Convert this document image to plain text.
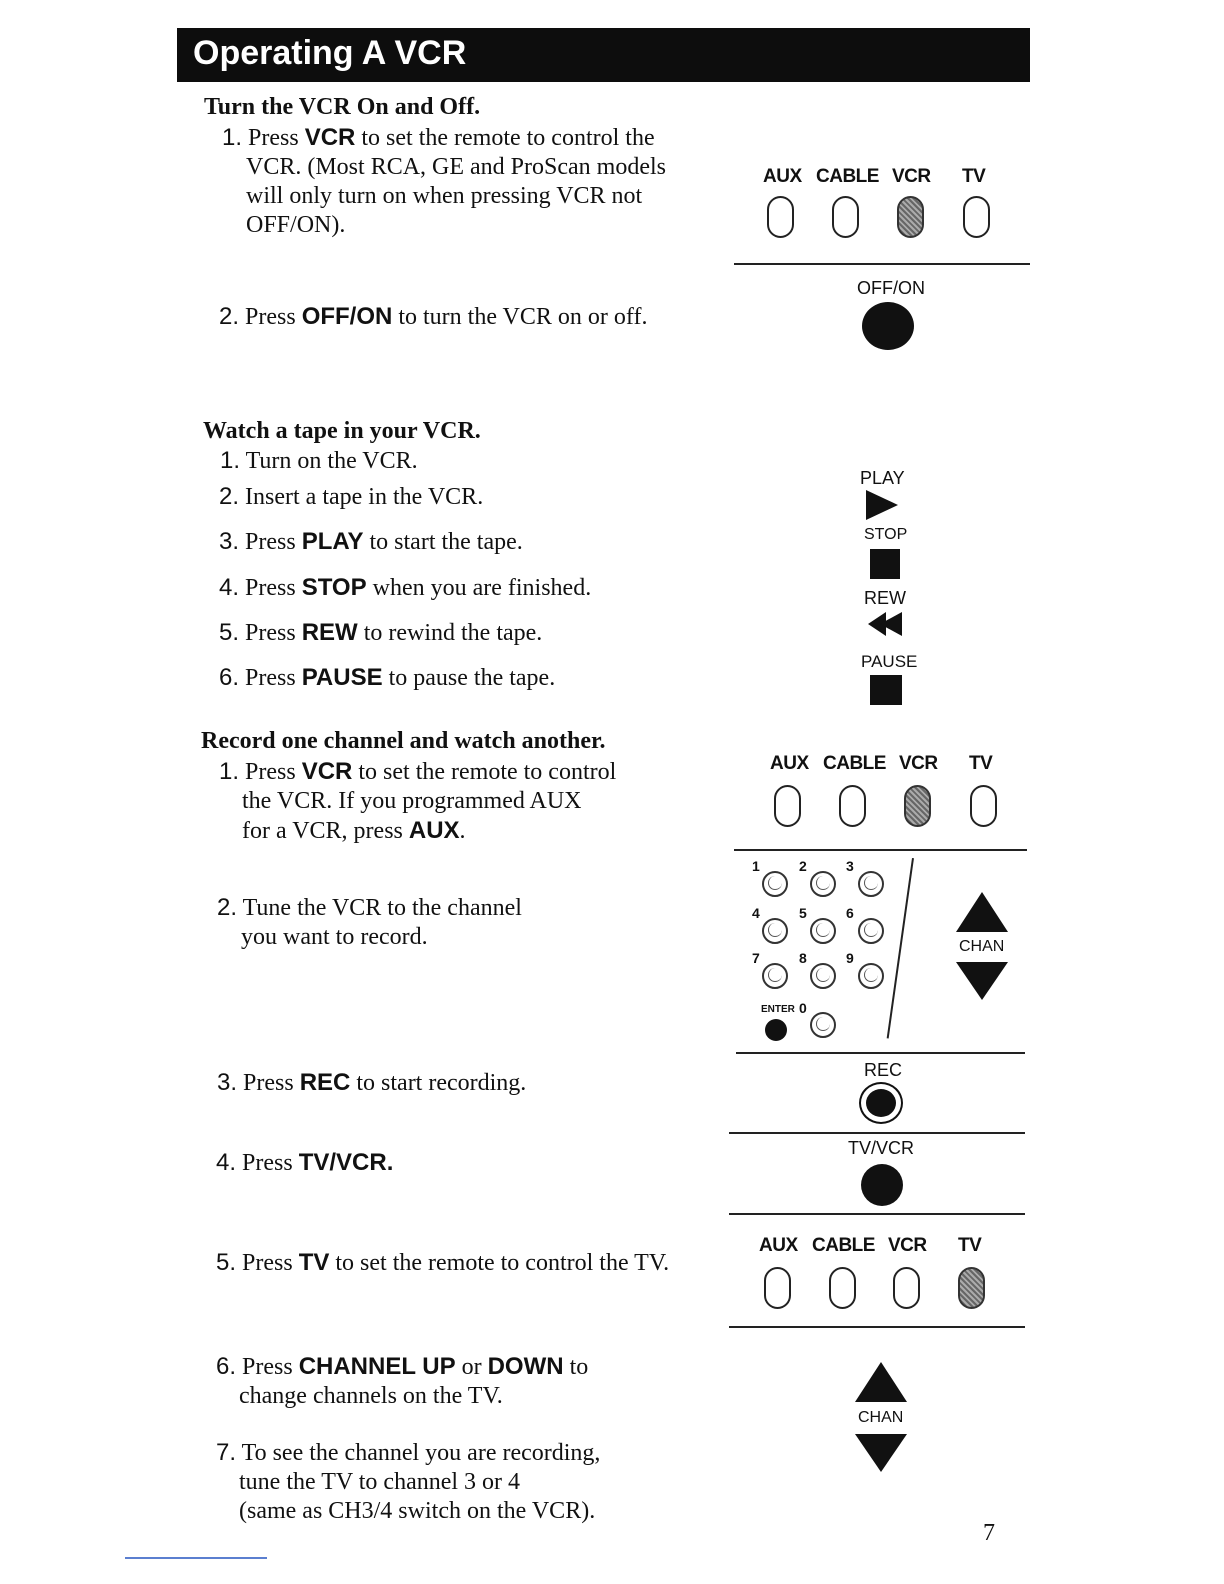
Operating A VCR
Turn the VCR On and Off.
1. Press VCR to set the remote to control the
VCR. (Most RCA, GE and ProScan models
will only turn on when pressing VCR not
OFF/ON).
2. Press OFF/ON to turn the VCR on or off.
AUX CABLE VCR TV
OFF/ON
Watch a tape in your VCR.
1. Turn on the VCR.
2. Insert a tape in the VCR.
3. Press PLAY to start the tape.
4. Press STOP when you are finished.
5. Press REW to rewind the tape.
6. Press PAUSE to pause the tape.
PLAY
STOP
REW
PAUSE
Record one channel and watch another.
1. Press VCR to set the remote to control
the VCR. If you programmed AUX
for a VCR, press AUX.
2. Tune the VCR to the channel
you want to record.
3. Press REC to start recording.
4. Press TV/VCR.
5. Press TV to set the remote to control the TV.
6. Press CHANNEL UP or DOWN to
change channels on the TV.
7. To see the channel you are recording,
tune the TV to channel 3 or 4
(same as CH3/4 switch on the VCR).
AUX CABLE VCR TV
1	2	3
4	5	6
7	8	9
ENTER 0
CHAN
REC
TV/VCR
AUX CABLE VCR TV
CHAN
7
